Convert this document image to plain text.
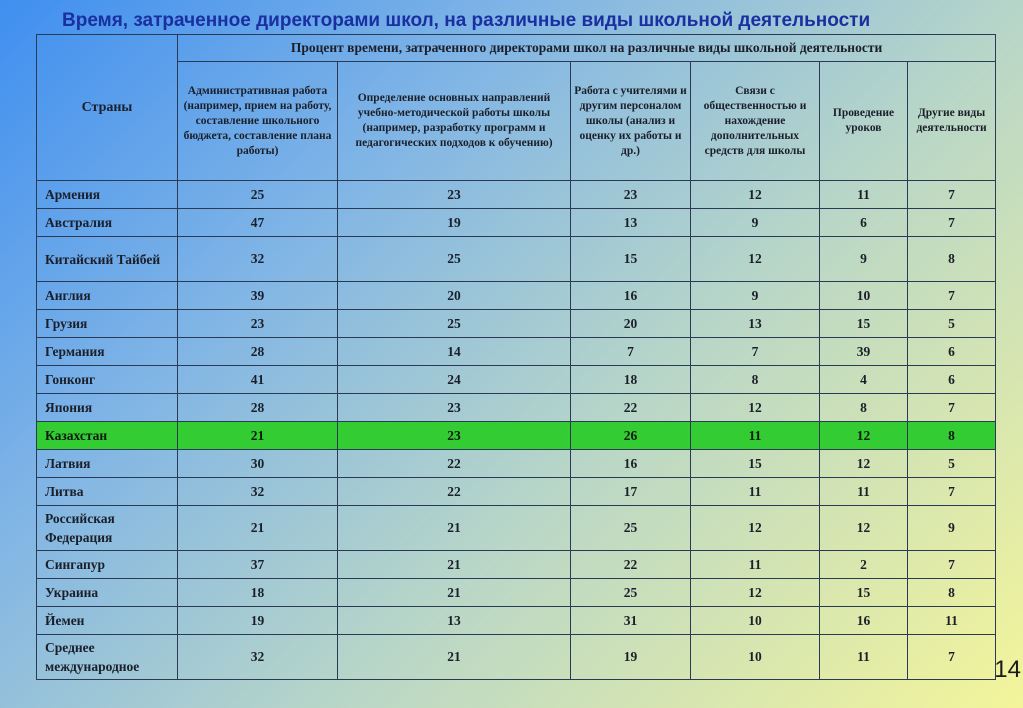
Время, затраченное директорами школ, на различные виды школьной деятельности
Страны	Процент времени, затраченного директорами школ на различные виды школьной деятельности					
	Административная работа (например, прием на работу, составление школьного бюджета, составление плана работы)	Определение основных направлений учебно-методической работы школы (например, разработку программ и педагогических подходов к обучению)	Работа с учителями и другим персоналом школы (анализ и оценку их работы и др.)	Связи с общественностью и нахождение дополнительных средств для школы	Проведение уроков	Другие виды деятельности
Армения	25	23	23	12	11	7
Австралия	47	19	13	9	6	7
Китайский Тайбей	32	25	15	12	9	8
Англия	39	20	16	9	10	7
Грузия	23	25	20	13	15	5
Германия	28	14	7	7	39	6
Гонконг	41	24	18	8	4	6
Япония	28	23	22	12	8	7
Казахстан	21	23	26	11	12	8
Латвия	30	22	16	15	12	5
Литва	32	22	17	11	11	7
Российская Федерация	21	21	25	12	12	9
Сингапур	37	21	22	11	2	7
Украина	18	21	25	12	15	8
Йемен	19	13	31	10	16	11
Среднее международное	32	21	19	10	11	7 14
